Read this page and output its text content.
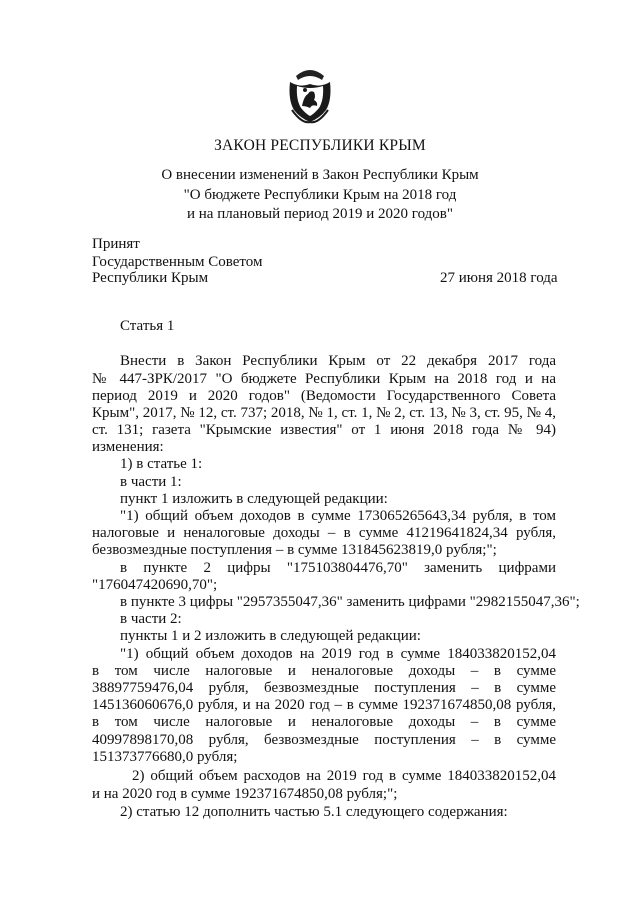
ЗАКОН РЕСПУБЛИКИ КРЫМ
О внесении изменений в Закон Республики Крым
"О бюджете Республики Крым на 2018 год
и на плановый период 2019 и 2020 годов"
Принят
Государственным Советом
Республики Крым	27 июня 2018 года
Статья 1
Внести в Закон Республики Крым от 22 декабря 2017 года
№ 447-ЗРК/2017 "О бюджете Республики Крым на 2018 год и на
период 2019 и 2020 годов" (Ведомости Государственного Совета
Крым", 2017, № 12, ст. 737; 2018, № 1, ст. 1, № 2, ст. 13, № 3, ст. 95, № 4,
ст. 131; газета "Крымские известия" от 1 июня 2018 года № 94)
изменения:
1) в статье 1:
в части 1:
пункт 1 изложить в следующей редакции:
"1) общий объем доходов в сумме 173065265643,34 рубля, в том
налоговые и неналоговые доходы – в сумме 41219641824,34 рубля,
безвозмездные поступления – в сумме 131845623819,0 рубля;";
в пункте 2 цифры "175103804476,70" заменить цифрами
"176047420690,70";
в пункте 3 цифры "2957355047,36" заменить цифрами "2982155047,36";
в части 2:
пункты 1 и 2 изложить в следующей редакции:
"1) общий объем доходов на 2019 год в сумме 184033820152,04
в том числе налоговые и неналоговые доходы – в сумме
38897759476,04 рубля, безвозмездные поступления – в сумме
145136060676,0 рубля, и на 2020 год – в сумме 192371674850,08 рубля,
в том числе налоговые и неналоговые доходы – в сумме
40997898170,08 рубля, безвозмездные поступления – в сумме
151373776680,0 рубля;
2) общий объем расходов на 2019 год в сумме 184033820152,04
и на 2020 год в сумме 192371674850,08 рубля;";
2) статью 12 дополнить частью 5.1 следующего содержания:
